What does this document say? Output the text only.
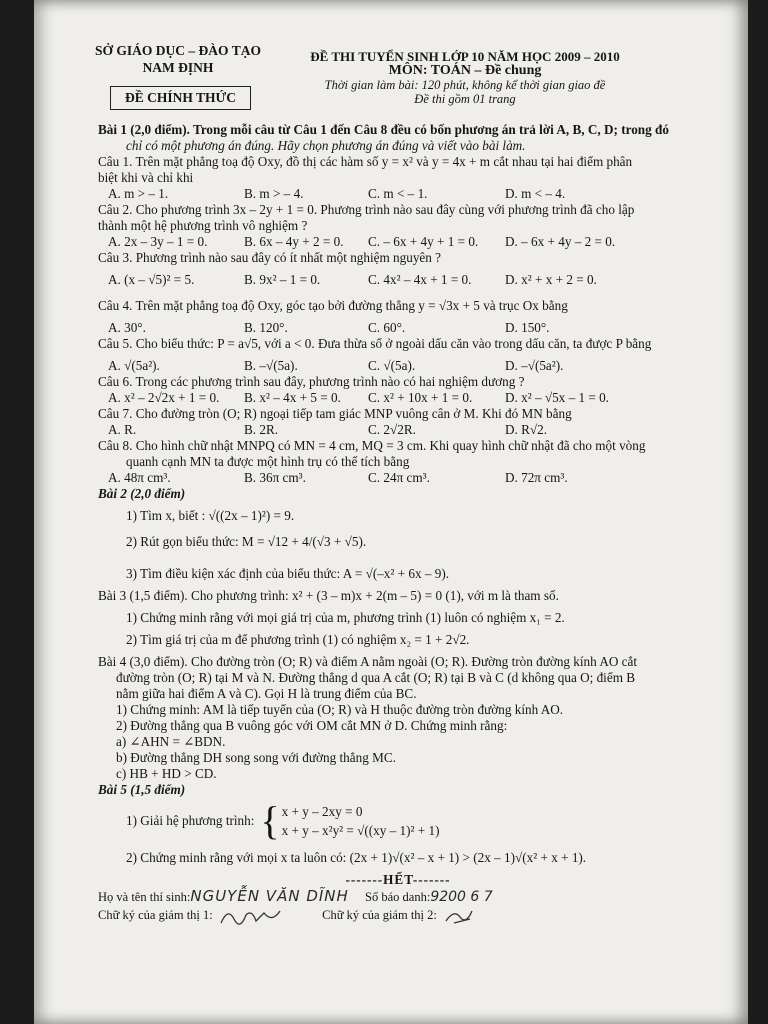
SỞ GIÁO DỤC – ĐÀO TẠO
NAM ĐỊNH
ĐỀ CHÍNH THỨC
ĐỀ THI TUYỂN SINH LỚP 10 NĂM HỌC 2009 – 2010
MÔN: TOÁN – Đề chung
Thời gian làm bài: 120 phút, không kể thời gian giao đề
Đề thi gồm 01 trang
Bài 1 (2,0 điểm). Trong mỗi câu từ Câu 1 đến Câu 8 đều có bốn phương án trả lời A, B, C, D; trong đó
chỉ có một phương án đúng. Hãy chọn phương án đúng và viết vào bài làm.
Câu 1. Trên mặt phẳng toạ độ Oxy, đồ thị các hàm số y = x² và y = 4x + m cắt nhau tại hai điểm phân
biệt khi và chỉ khi
A. m > – 1.	B. m > – 4.	C. m < – 1.	D. m < – 4.
Câu 2. Cho phương trình 3x – 2y + 1 = 0. Phương trình nào sau đây cùng với phương trình đã cho lập
thành một hệ phương trình vô nghiệm ?
A. 2x – 3y – 1 = 0.	B. 6x – 4y + 2 = 0.	C. – 6x + 4y + 1 = 0.	D. – 6x + 4y – 2 = 0.
Câu 3. Phương trình nào sau đây có ít nhất một nghiệm nguyên ?
A. (x – √5)² = 5.	B. 9x² – 1 = 0.	C. 4x² – 4x + 1 = 0.	D. x² + x + 2 = 0.
Câu 4. Trên mặt phẳng toạ độ Oxy, góc tạo bởi đường thẳng y = √3x + 5 và trục Ox bằng
A. 30°.	B. 120°.	C. 60°.	D. 150°.
Câu 5. Cho biểu thức: P = a√5, với a < 0. Đưa thừa số ở ngoài dấu căn vào trong dấu căn, ta được P bằng
A. √(5a²).	B. –√(5a).	C. √(5a).	D. –√(5a²).
Câu 6. Trong các phương trình sau đây, phương trình nào có hai nghiệm dương ?
A. x² – 2√2x + 1 = 0.	B. x² – 4x + 5 = 0.	C. x² + 10x + 1 = 0.	D. x² – √5x – 1 = 0.
Câu 7. Cho đường tròn (O; R) ngoại tiếp tam giác MNP vuông cân ở M. Khi đó MN bằng
A. R.	B. 2R.	C. 2√2R.	D. R√2.
Câu 8. Cho hình chữ nhật MNPQ có MN = 4 cm, MQ = 3 cm. Khi quay hình chữ nhật đã cho một vòng
quanh cạnh MN ta được một hình trụ có thể tích bằng
A. 48π cm³.	B. 36π cm³.	C. 24π cm³.	D. 72π cm³.
Bài 2 (2,0 điểm)
1) Tìm x, biết : √((2x – 1)²) = 9.
2) Rút gọn biểu thức: M = √12 + 4/(√3 + √5).
3) Tìm điều kiện xác định của biểu thức: A = √(–x² + 6x – 9).
Bài 3 (1,5 điểm). Cho phương trình: x² + (3 – m)x + 2(m – 5) = 0 (1), với m là tham số.
1) Chứng minh rằng với mọi giá trị của m, phương trình (1) luôn có nghiệm x₁ = 2.
2) Tìm giá trị của m để phương trình (1) có nghiệm x₂ = 1 + 2√2.
Bài 4 (3,0 điểm). Cho đường tròn (O; R) và điểm A nằm ngoài (O; R). Đường tròn đường kính AO cắt
đường tròn (O; R) tại M và N. Đường thẳng d qua A cắt (O; R) tại B và C (d không qua O; điểm B
nằm giữa hai điểm A và C). Gọi H là trung điểm của BC.
1) Chứng minh: AM là tiếp tuyến của (O; R) và H thuộc đường tròn đường kính AO.
2) Đường thẳng qua B vuông góc với OM cắt MN ở D. Chứng minh rằng:
a) ∠AHN = ∠BDN.
b) Đường thẳng DH song song với đường thẳng MC.
c) HB + HD > CD.
Bài 5 (1,5 điểm)
1) Giải hệ phương trình: { x + y – 2xy = 0
x + y – x²y² = √((xy – 1)² + 1)
2) Chứng minh rằng với mọi x ta luôn có: (2x + 1)√(x² – x + 1) > (2x – 1)√(x² + x + 1).
-------HẾT-------
Họ và tên thí sinh:NGUYỄN VĂN DĨNH Số báo danh:9200 6 7
Chữ ký của giám thị 1:	Chữ ký của giám thị 2:
